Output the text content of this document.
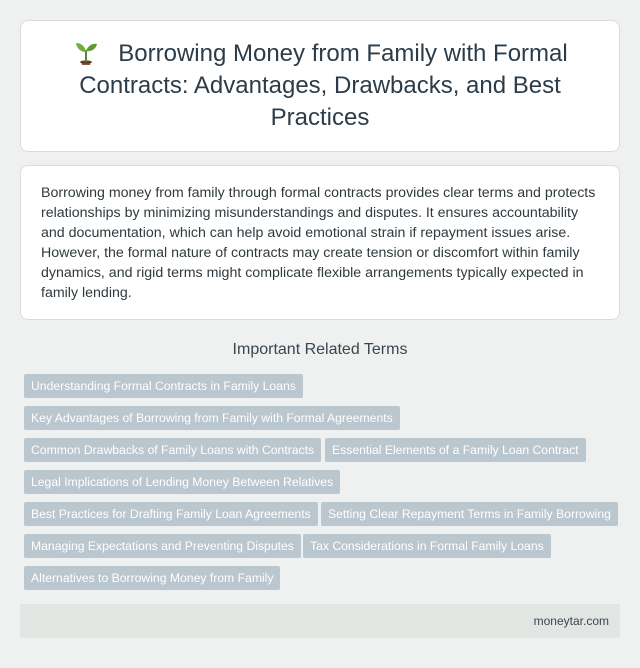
Borrowing Money from Family with Formal Contracts: Advantages, Drawbacks, and Best Practices

Borrowing money from family through formal contracts provides clear terms and protects relationships by minimizing misunderstandings and disputes. It ensures accountability and documentation, which can help avoid emotional strain if repayment issues arise. However, the formal nature of contracts may create tension or discomfort within family dynamics, and rigid terms might complicate flexible arrangements typically expected in family lending.

Important Related Terms
Understanding Formal Contracts in Family Loans
Key Advantages of Borrowing from Family with Formal Agreements
Common Drawbacks of Family Loans with Contracts	Essential Elements of a Family Loan Contract
Legal Implications of Lending Money Between Relatives
Best Practices for Drafting Family Loan Agreements	Setting Clear Repayment Terms in Family Borrowing
Managing Expectations and Preventing Disputes	Tax Considerations in Formal Family Loans
Alternatives to Borrowing Money from Family
moneytar.com
